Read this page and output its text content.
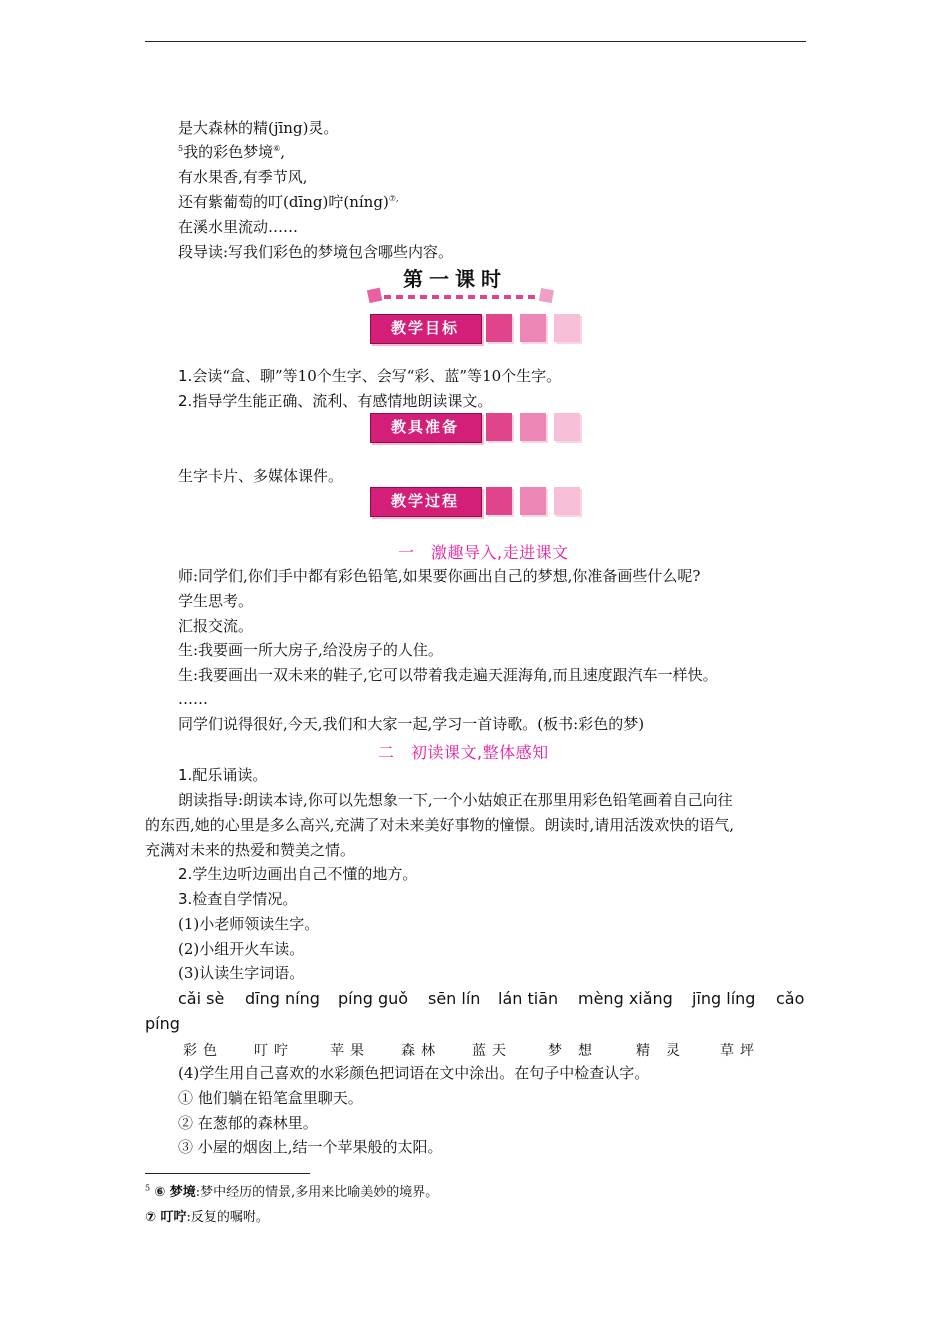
是大森林的精(jīng)灵。
$^5$我的彩色梦境⑥,
有水果香,有季节风,
还有紫葡萄的叮(dīng)咛(níng)⑦,
在溪水里流动……
段导读:写我们彩色的梦境包含哪些内容。
第一课时
教学目标
1.会读“盒、聊”等10个生字、会写“彩、蓝”等10个生字。
2.指导学生能正确、流利、有感情地朗读课文。
教具准备
生字卡片、多媒体课件。
教学过程
一　激趣导入,走进课文
师:同学们,你们手中都有彩色铅笔,如果要你画出自己的梦想,你准备画些什么呢?
学生思考。
汇报交流。
生:我要画一所大房子,给没房子的人住。
生:我要画出一双未来的鞋子,它可以带着我走遍天涯海角,而且速度跟汽车一样快。
……
同学们说得很好,今天,我们和大家一起,学习一首诗歌。(板书:彩色的梦)
二　初读课文,整体感知
1.配乐诵读。
朗读指导:朗读本诗,你可以先想象一下,一个小姑娘正在那里用彩色铅笔画着自己向往
的东西,她的心里是多么高兴,充满了对未来美好事物的憧憬。朗读时,请用活泼欢快的语气,
充满对未来的热爱和赞美之情。
2.学生边听边画出自己不懂的地方。
3.检查自学情况。
(1)小老师领读生字。
(2)小组开火车读。
(3)认读生字词语。
cǎi sè dīng níng píng guǒ sēn lín lán tiān mèng xiǎng jīng líng cǎo
píng
彩色 叮咛	苹果 森林 蓝天	梦想 精灵 草坪
(4)学生用自己喜欢的水彩颜色把词语在文中涂出。在句子中检查认字。
① 他们躺在铅笔盒里聊天。
② 在葱郁的森林里。
③ 小屋的烟囱上,结一个苹果般的太阳。
$^5$ ⑥ 梦境:梦中经历的情景,多用来比喻美妙的境界。
⑦ 叮咛:反复的嘱咐。
